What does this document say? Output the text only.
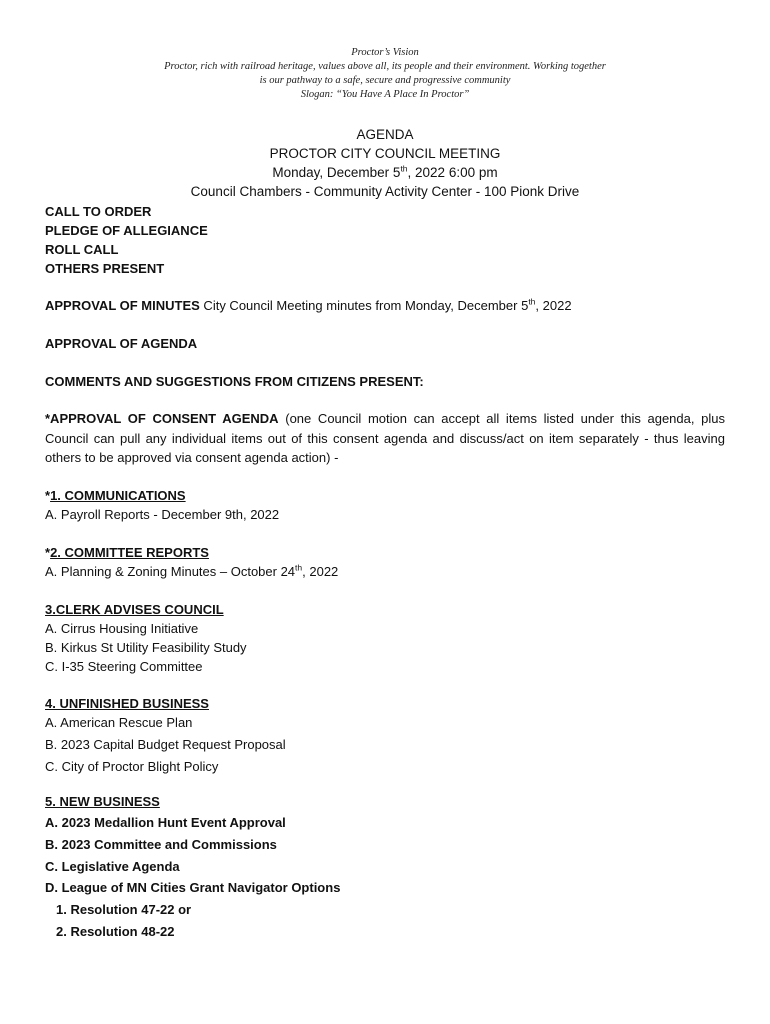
Proctor’s Vision
Proctor, rich with railroad heritage, values above all, its people and their environment. Working together
is our pathway to a safe, secure and progressive community
Slogan: “You Have A Place In Proctor”
AGENDA
PROCTOR CITY COUNCIL MEETING
Monday, December 5th, 2022 6:00 pm
Council Chambers - Community Activity Center - 100 Pionk Drive
CALL TO ORDER
PLEDGE OF ALLEGIANCE
ROLL CALL
OTHERS PRESENT
APPROVAL OF MINUTES City Council Meeting minutes from Monday, December 5th, 2022
APPROVAL OF AGENDA
COMMENTS AND SUGGESTIONS FROM CITIZENS PRESENT:
*APPROVAL OF CONSENT AGENDA (one Council motion can accept all items listed under this agenda, plus Council can pull any individual items out of this consent agenda and discuss/act on item separately - thus leaving others to be approved via consent agenda action) -
*1. COMMUNICATIONS
A. Payroll Reports - December 9th, 2022
*2. COMMITTEE REPORTS
A. Planning & Zoning Minutes – October 24th, 2022
3.CLERK ADVISES COUNCIL
A. Cirrus Housing Initiative
B. Kirkus St Utility Feasibility Study
C. I-35 Steering Committee
4. UNFINISHED BUSINESS
A. American Rescue Plan
B. 2023 Capital Budget Request Proposal
C. City of Proctor Blight Policy
5. NEW BUSINESS
A. 2023 Medallion Hunt Event Approval
B. 2023 Committee and Commissions
C. Legislative Agenda
D. League of MN Cities Grant Navigator Options
1. Resolution 47-22 or
2. Resolution 48-22
